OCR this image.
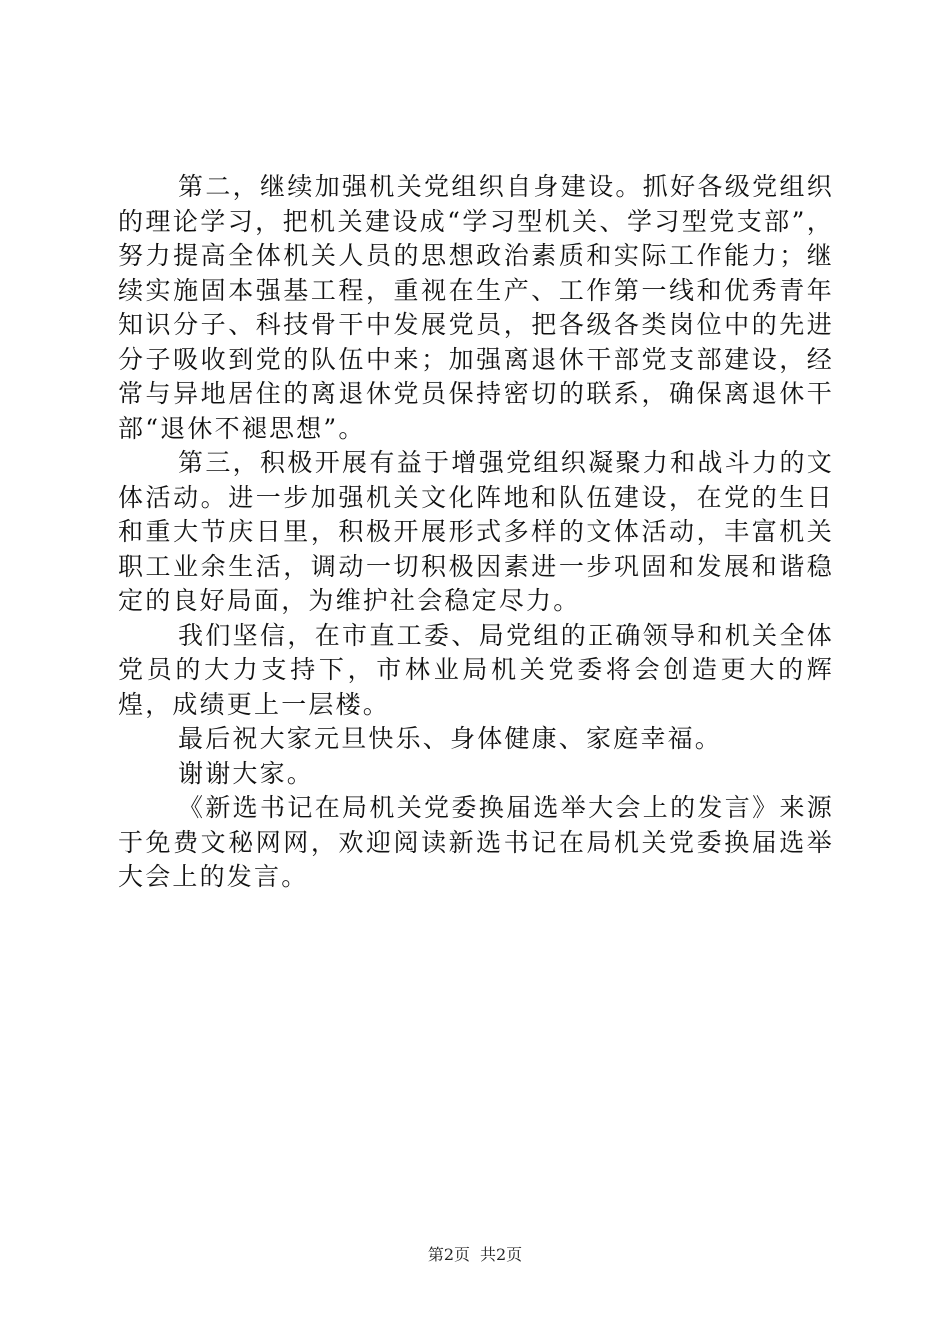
第二，继续加强机关党组织自身建设。抓好各级党组织的理论学习，把机关建设成“学习型机关、学习型党支部”，努力提高全体机关人员的思想政治素质和实际工作能力；继续实施固本强基工程，重视在生产、工作第一线和优秀青年知识分子、科技骨干中发展党员，把各级各类岗位中的先进分子吸收到党的队伍中来；加强离退休干部党支部建设，经常与异地居住的离退休党员保持密切的联系，确保离退休干部“退休不褪思想”。

第三，积极开展有益于增强党组织凝聚力和战斗力的文体活动。进一步加强机关文化阵地和队伍建设，在党的生日和重大节庆日里，积极开展形式多样的文体活动，丰富机关职工业余生活，调动一切积极因素进一步巩固和发展和谐稳定的良好局面，为维护社会稳定尽力。

我们坚信，在市直工委、局党组的正确领导和机关全体党员的大力支持下，市林业局机关党委将会创造更大的辉煌，成绩更上一层楼。

最后祝大家元旦快乐、身体健康、家庭幸福。

谢谢大家。

《新选书记在局机关党委换届选举大会上的发言》来源于免费文秘网网，欢迎阅读新选书记在局机关党委换届选举大会上的发言。

第2页 共2页
